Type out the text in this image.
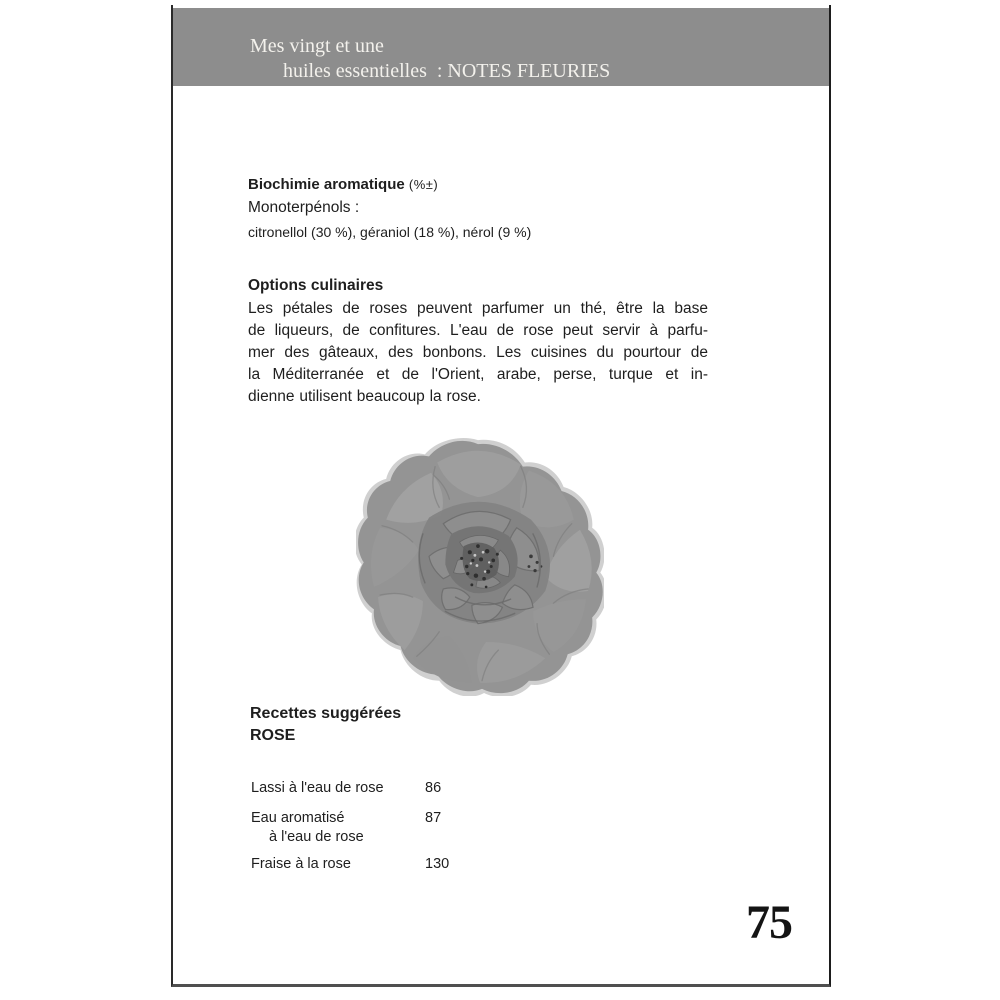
Mes vingt et une
huiles essentielles  : NOTES FLEURIES
Biochimie aromatique (%±)
Monoterpénols :
citronellol (30 %), géraniol (18 %), nérol (9 %)
Options culinaires
Les pétales de roses peuvent parfumer un thé, être la base
de liqueurs, de confitures. L'eau de rose peut servir à parfu-
mer des gâteaux, des bonbons. Les cuisines du pourtour de
la Méditerranée et de l'Orient, arabe, perse, turque et in-
dienne utilisent beaucoup la rose.
Recettes suggérées
ROSE
Lassi à l'eau de rose	86
Eau aromatisé
à l'eau de rose
87
Fraise à la rose	130
75
